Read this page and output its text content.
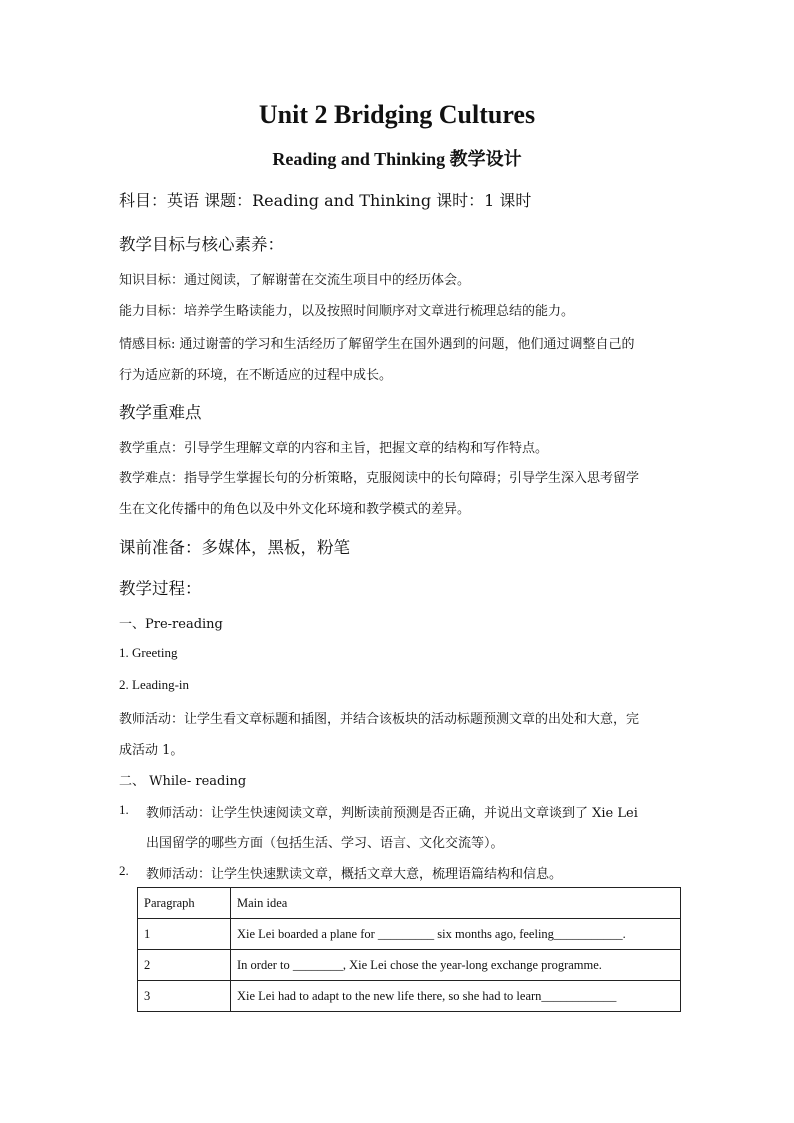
Unit 2 Bridging Cultures
Reading and Thinking 教学设计
科目：英语 课题：Reading and Thinking 课时：1 课时
教学目标与核心素养：
知识目标：通过阅读，了解谢蕾在交流生项目中的经历体会。
能力目标：培养学生略读能力，以及按照时间顺序对文章进行梳理总结的能力。
情感目标: 通过谢蕾的学习和生活经历了解留学生在国外遇到的问题，他们通过调整自己的
行为适应新的环境，在不断适应的过程中成长。
教学重难点
教学重点：引导学生理解文章的内容和主旨，把握文章的结构和写作特点。
教学难点：指导学生掌握长句的分析策略，克服阅读中的长句障碍；引导学生深入思考留学
生在文化传播中的角色以及中外文化环境和教学模式的差异。
课前准备：多媒体，黑板，粉笔
教学过程：
一、Pre-reading
1. Greeting
2. Leading-in
教师活动：让学生看文章标题和插图，并结合该板块的活动标题预测文章的出处和大意，完
成活动 1。
二、 While- reading
1. 教师活动：让学生快速阅读文章，判断读前预测是否正确，并说出文章谈到了 Xie Lei
出国留学的哪些方面（包括生活、学习、语言、文化交流等）。
2. 教师活动：让学生快速默读文章，概括文章大意，梳理语篇结构和信息。
Paragraph	Main idea
1	Xie Lei boarded a plane for _________ six months ago, feeling___________.
2	In order to ________, Xie Lei chose the year-long exchange programme.
3	Xie Lei had to adapt to the new life there, so she had to learn____________
